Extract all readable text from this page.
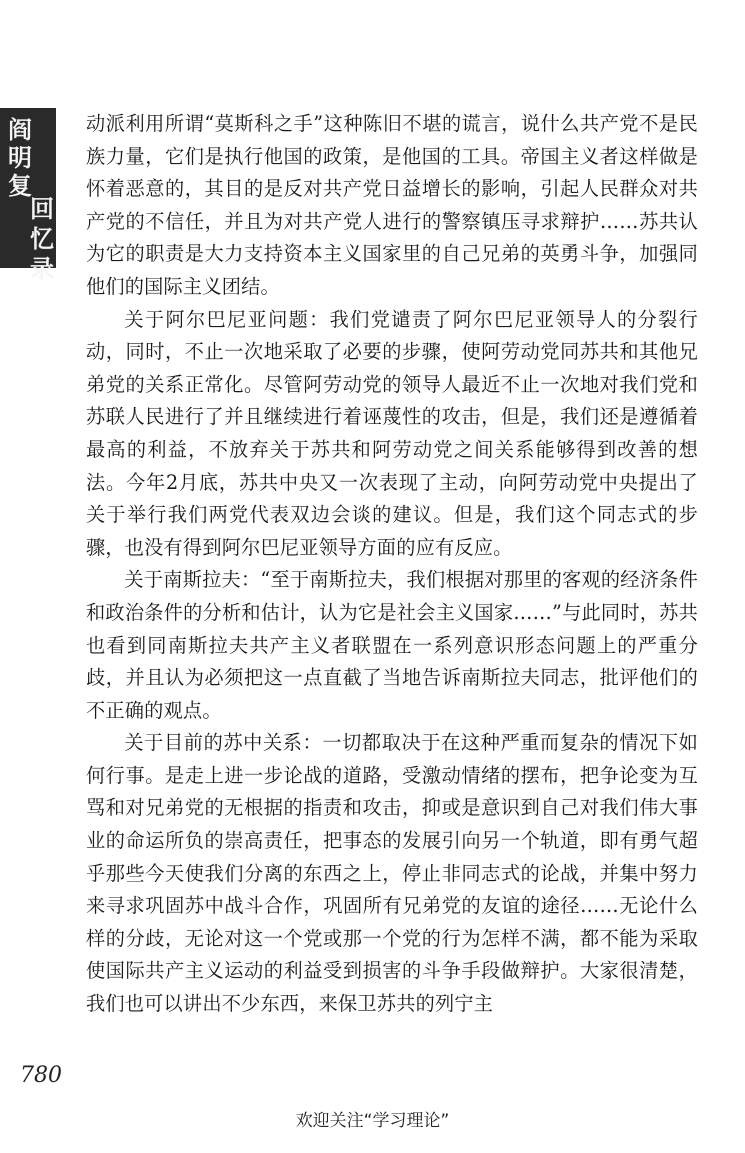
阎
明
复
回
忆
录

动派利用所谓“莫斯科之手”这种陈旧不堪的谎言，说什么共产党不是民族力量，它们是执行他国的政策，是他国的工具。帝国主义者这样做是怀着恶意的，其目的是反对共产党日益增长的影响，引起人民群众对共产党的不信任，并且为对共产党人进行的警察镇压寻求辩护……苏共认为它的职责是大力支持资本主义国家里的自己兄弟的英勇斗争，加强同他们的国际主义团结。

关于阿尔巴尼亚问题：我们党谴责了阿尔巴尼亚领导人的分裂行动，同时，不止一次地采取了必要的步骤，使阿劳动党同苏共和其他兄弟党的关系正常化。尽管阿劳动党的领导人最近不止一次地对我们党和苏联人民进行了并且继续进行着诬蔑性的攻击，但是，我们还是遵循着最高的利益，不放弃关于苏共和阿劳动党之间关系能够得到改善的想法。今年2月底，苏共中央又一次表现了主动，向阿劳动党中央提出了关于举行我们两党代表双边会谈的建议。但是，我们这个同志式的步骤，也没有得到阿尔巴尼亚领导方面的应有反应。

关于南斯拉夫：“至于南斯拉夫，我们根据对那里的客观的经济条件和政治条件的分析和估计，认为它是社会主义国家……”与此同时，苏共也看到同南斯拉夫共产主义者联盟在一系列意识形态问题上的严重分歧，并且认为必须把这一点直截了当地告诉南斯拉夫同志，批评他们的不正确的观点。

关于目前的苏中关系：一切都取决于在这种严重而复杂的情况下如何行事。是走上进一步论战的道路，受激动情绪的摆布，把争论变为互骂和对兄弟党的无根据的指责和攻击，抑或是意识到自己对我们伟大事业的命运所负的崇高责任，把事态的发展引向另一个轨道，即有勇气超乎那些今天使我们分离的东西之上，停止非同志式的论战，并集中努力来寻求巩固苏中战斗合作，巩固所有兄弟党的友谊的途径……无论什么样的分歧，无论对这一个党或那一个党的行为怎样不满，都不能为采取使国际共产主义运动的利益受到损害的斗争手段做辩护。大家很清楚，我们也可以讲出不少东西，来保卫苏共的列宁主

780
欢迎关注“学习理论”
